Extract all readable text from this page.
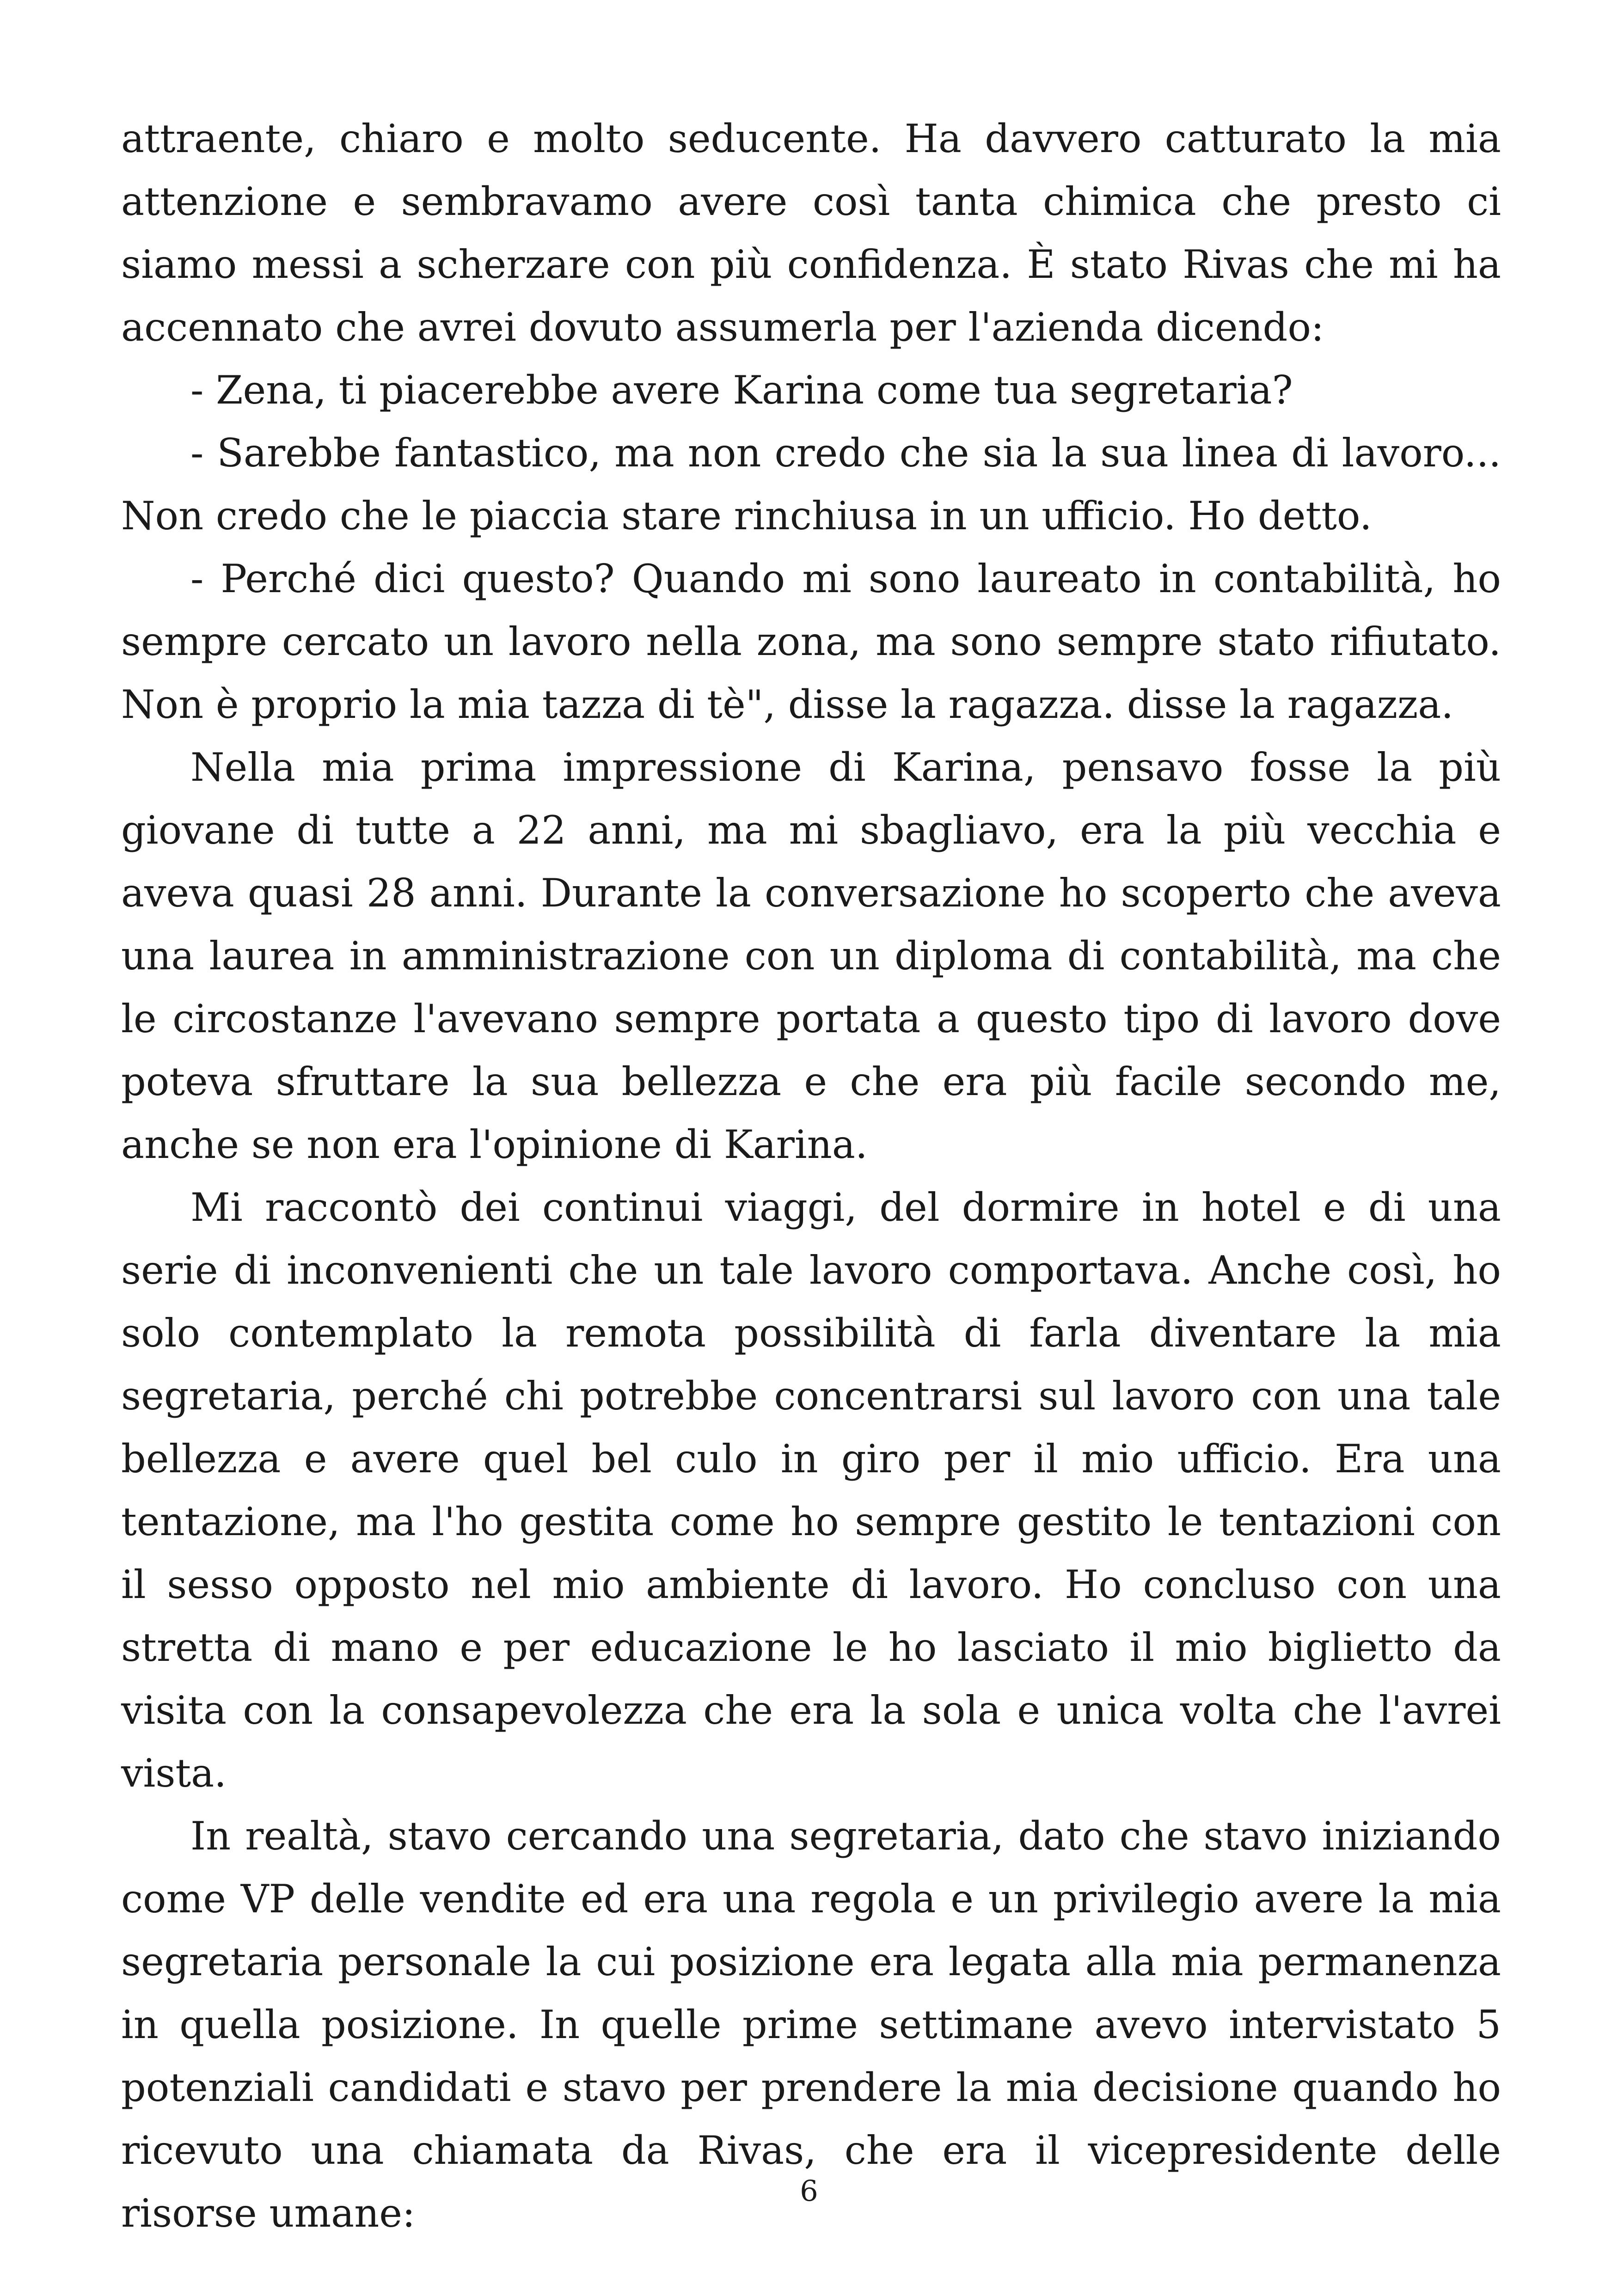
attraente, chiaro e molto seducente. Ha davvero catturato la mia attenzione e sembravamo avere così tanta chimica che presto ci siamo messi a scherzare con più confidenza. È stato Rivas che mi ha accennato che avrei dovuto assumerla per l'azienda dicendo:

- Zena, ti piacerebbe avere Karina come tua segretaria?

- Sarebbe fantastico, ma non credo che sia la sua linea di lavoro... Non credo che le piaccia stare rinchiusa in un ufficio. Ho detto.

- Perché dici questo? Quando mi sono laureato in contabilità, ho sempre cercato un lavoro nella zona, ma sono sempre stato rifiutato. Non è proprio la mia tazza di tè", disse la ragazza. disse la ragazza.

Nella mia prima impressione di Karina, pensavo fosse la più giovane di tutte a 22 anni, ma mi sbagliavo, era la più vecchia e aveva quasi 28 anni. Durante la conversazione ho scoperto che aveva una laurea in amministrazione con un diploma di contabilità, ma che le circostanze l'avevano sempre portata a questo tipo di lavoro dove poteva sfruttare la sua bellezza e che era più facile secondo me, anche se non era l'opinione di Karina.

Mi raccontò dei continui viaggi, del dormire in hotel e di una serie di inconvenienti che un tale lavoro comportava. Anche così, ho solo contemplato la remota possibilità di farla diventare la mia segretaria, perché chi potrebbe concentrarsi sul lavoro con una tale bellezza e avere quel bel culo in giro per il mio ufficio. Era una tentazione, ma l'ho gestita come ho sempre gestito le tentazioni con il sesso opposto nel mio ambiente di lavoro. Ho concluso con una stretta di mano e per educazione le ho lasciato il mio biglietto da visita con la consapevolezza che era la sola e unica volta che l'avrei vista.

In realtà, stavo cercando una segretaria, dato che stavo iniziando come VP delle vendite ed era una regola e un privilegio avere la mia segretaria personale la cui posizione era legata alla mia permanenza in quella posizione. In quelle prime settimane avevo intervistato 5 potenziali candidati e stavo per prendere la mia decisione quando ho ricevuto una chiamata da Rivas, che era il vicepresidente delle risorse umane:	6
